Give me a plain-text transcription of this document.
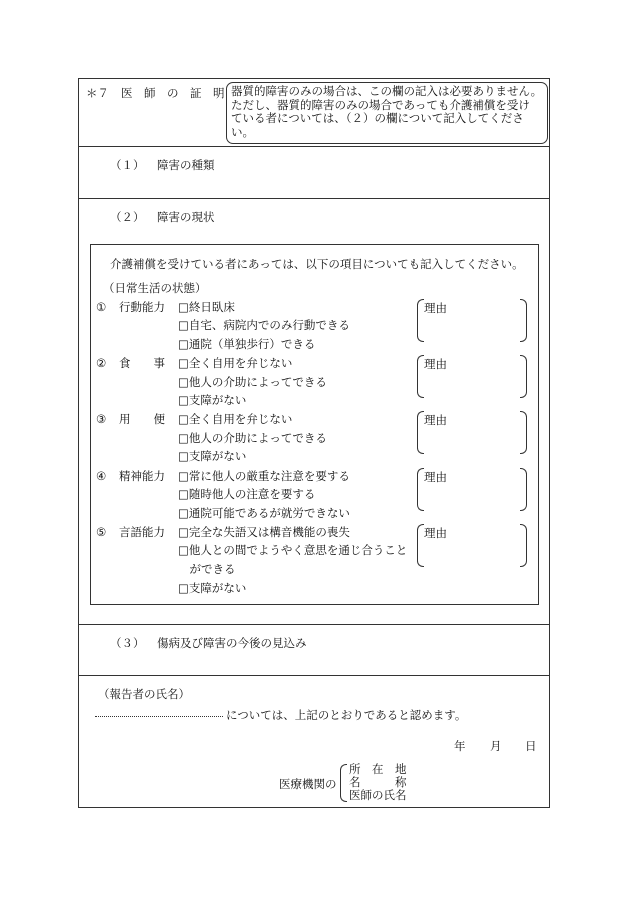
＊７ 医　師　の　証　明 器質的障害のみの場合は、この欄の記入は必要ありません。
ただし、器質的障害のみの場合であっても介護補償を受け
ている者については、（２）の欄について記入してくださ
い。
（１） 障害の種類
（２） 障害の現状
介護補償を受けている者にあっては、以下の項目についても記入してください。
（日常生活の状態）
① 行動能力 □終日臥床
□自宅、病院内でのみ行動できる
□通院（単独歩行）できる
理由
② 食　　事 □全く自用を弁じない
□他人の介助によってできる
□支障がない
理由
③ 用　　便 □全く自用を弁じない
□他人の介助によってできる
□支障がない
理由
④ 精神能力 □常に他人の厳重な注意を要する
□随時他人の注意を要する
□通院可能であるが就労できない
理由
⑤ 言語能力 □完全な失語又は構音機能の喪失
□他人との間でようやく意思を通じ合うこと
　ができる
□支障がない
理由
（３） 傷病及び障害の今後の見込み
（報告者の氏名）
については、上記のとおりであると認めます。
年 月 日
医療機関の
所　在　地
名　　　称
医師の氏名
